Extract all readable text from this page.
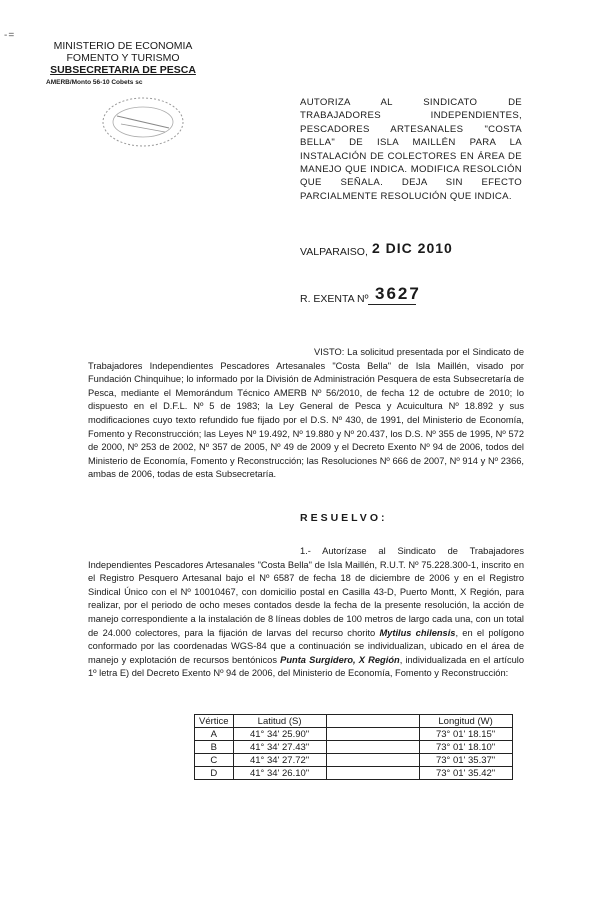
-=
MINISTERIO DE ECONOMIA
FOMENTO Y TURISMO
SUBSECRETARIA DE PESCA
AMERB/Monto 56-10 Cobets sc
AUTORIZA AL SINDICATO DE TRABAJADORES INDEPENDIENTES, PESCADORES ARTESANALES "COSTA BELLA" DE ISLA MAILLÉN PARA LA INSTALACIÓN DE COLECTORES EN ÁREA DE MANEJO QUE INDICA. MODIFICA RESOLCIÓN QUE SEÑALA. DEJA SIN EFECTO PARCIALMENTE RESOLUCIÓN QUE INDICA.
VALPARAISO, 2 DIC 2010
R. EXENTA Nº 3627

VISTO: La solicitud presentada por el Sindicato de Trabajadores Independientes Pescadores Artesanales "Costa Bella" de Isla Maillén, visado por Fundación Chinquihue; lo informado por la División de Administración Pesquera de esta Subsecretaría de Pesca, mediante el Memorándum Técnico AMERB Nº 56/2010, de fecha 12 de octubre de 2010; lo dispuesto en el D.F.L. Nº 5 de 1983; la Ley General de Pesca y Acuicultura Nº 18.892 y sus modificaciones cuyo texto refundido fue fijado por el D.S. Nº 430, de 1991, del Ministerio de Economía, Fomento y Reconstrucción; las Leyes Nº 19.492, Nº 19.880 y Nº 20.437, los D.S. Nº 355 de 1995, Nº 572 de 2000, Nº 253 de 2002, Nº 357 de 2005, Nº 49 de 2009 y el Decreto Exento Nº 94 de 2006, todos del Ministerio de Economía, Fomento y Reconstrucción; las Resoluciones Nº 666 de 2007, Nº 914 y Nº 2366, ambas de 2006, todas de esta Subsecretaría.

RESUELVO:

1.- Autorízase al Sindicato de Trabajadores Independientes Pescadores Artesanales "Costa Bella" de Isla Maillén, R.U.T. Nº 75.228.300-1, inscrito en el Registro Pesquero Artesanal bajo el Nº 6587 de fecha 18 de diciembre de 2006 y en el Registro Sindical Único con el Nº 10010467, con domicilio postal en Casilla 43-D, Puerto Montt, X Región, para realizar, por el periodo de ocho meses contados desde la fecha de la presente resolución, la acción de manejo correspondiente a la instalación de 8 líneas dobles de 100 metros de largo cada una, con un total de 24.000 colectores, para la fijación de larvas del recurso chorito Mytilus chilensis, en el polígono conformado por las coordenadas WGS-84 que a continuación se individualizan, ubicado en el área de manejo y explotación de recursos bentónicos Punta Surgidero, X Región, individualizada en el artículo 1º letra E) del Decreto Exento Nº 94 de 2006, del Ministerio de Economía, Fomento y Reconstrucción:

Vértice	Latitud (S)		Longitud (W)
A	41° 34' 25.90"		73° 01' 18.15"
B	41° 34' 27.43"		73° 01' 18.10"
C	41° 34' 27.72"		73° 01' 35.37"
D	41° 34' 26.10"		73° 01' 35.42"
